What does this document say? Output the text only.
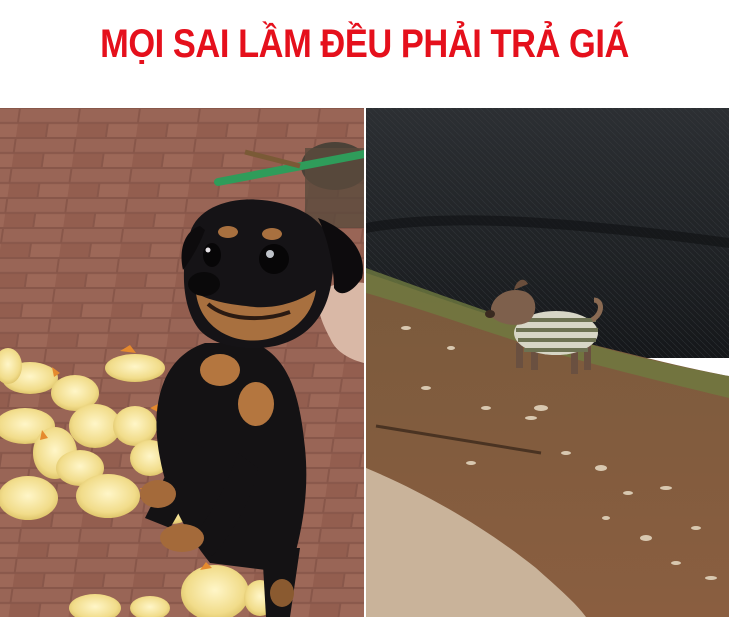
MỌI SAI LẦM ĐỀU PHẢI TRẢ GIÁ
